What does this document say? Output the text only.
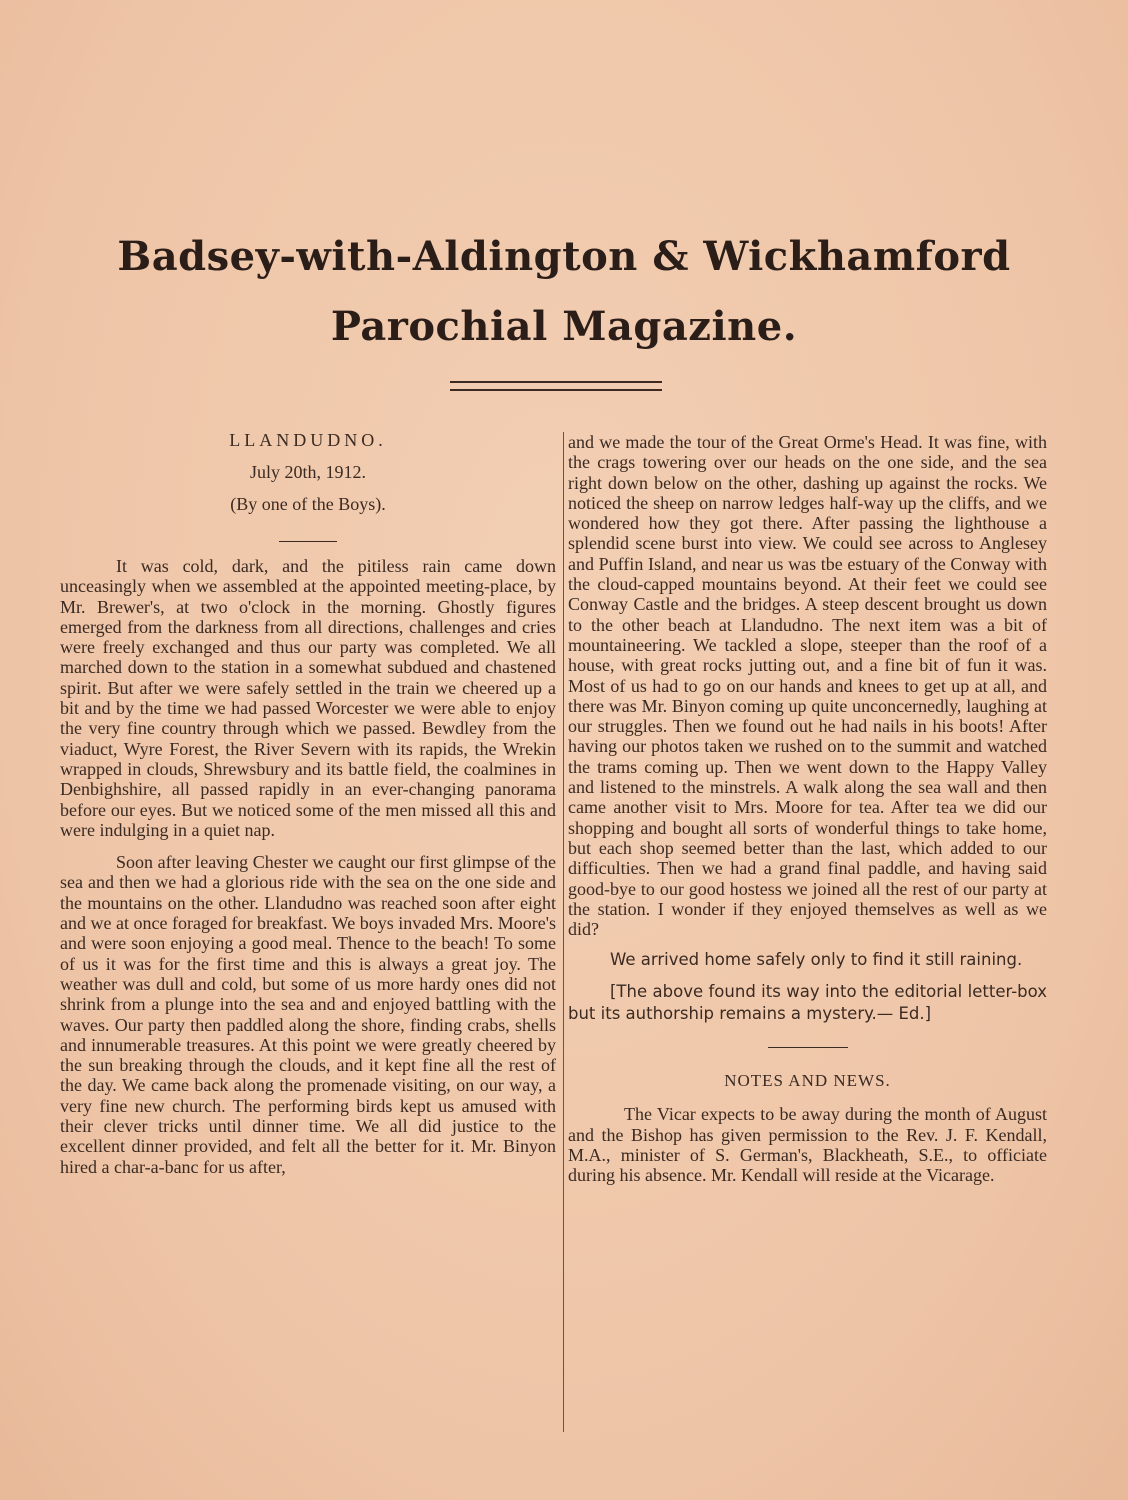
Badsey-with-Aldington & Wickhamford
Parochial Magazine.

LLANDUDNO.

July 20th, 1912.

(By one of the Boys).

It was cold, dark, and the pitiless rain came down unceasingly when we assembled at the appointed meeting-place, by Mr. Brewer's, at two o'clock in the morning. Ghostly figures emerged from the darkness from all directions, challenges and cries were freely exchanged and thus our party was completed. We all marched down to the station in a somewhat subdued and chastened spirit. But after we were safely settled in the train we cheered up a bit and by the time we had passed Worcester we were able to enjoy the very fine country through which we passed. Bewdley from the viaduct, Wyre Forest, the River Severn with its rapids, the Wrekin wrapped in clouds, Shrewsbury and its battle field, the coalmines in Denbighshire, all passed rapidly in an ever-changing panorama before our eyes. But we noticed some of the men missed all this and were indulging in a quiet nap.

Soon after leaving Chester we caught our first glimpse of the sea and then we had a glorious ride with the sea on the one side and the mountains on the other. Llandudno was reached soon after eight and we at once foraged for breakfast. We boys invaded Mrs. Moore's and were soon enjoying a good meal. Thence to the beach! To some of us it was for the first time and this is always a great joy. The weather was dull and cold, but some of us more hardy ones did not shrink from a plunge into the sea and and enjoyed battling with the waves. Our party then paddled along the shore, finding crabs, shells and innumerable treasures. At this point we were greatly cheered by the sun breaking through the clouds, and it kept fine all the rest of the day. We came back along the promenade visiting, on our way, a very fine new church. The performing birds kept us amused with their clever tricks until dinner time. We all did justice to the excellent dinner provided, and felt all the better for it. Mr. Binyon hired a char-a-banc for us after,

and we made the tour of the Great Orme's Head. It was fine, with the crags towering over our heads on the one side, and the sea right down below on the other, dashing up against the rocks. We noticed the sheep on narrow ledges half-way up the cliffs, and we wondered how they got there. After passing the lighthouse a splendid scene burst into view. We could see across to Anglesey and Puffin Island, and near us was tbe estuary of the Conway with the cloud-capped mountains beyond. At their feet we could see Conway Castle and the bridges. A steep descent brought us down to the other beach at Llandudno. The next item was a bit of mountaineering. We tackled a slope, steeper than the roof of a house, with great rocks jutting out, and a fine bit of fun it was. Most of us had to go on our hands and knees to get up at all, and there was Mr. Binyon coming up quite unconcernedly, laughing at our struggles. Then we found out he had nails in his boots! After having our photos taken we rushed on to the summit and watched the trams coming up. Then we went down to the Happy Valley and listened to the minstrels. A walk along the sea wall and then came another visit to Mrs. Moore for tea. After tea we did our shopping and bought all sorts of wonderful things to take home, but each shop seemed better than the last, which added to our difficulties. Then we had a grand final paddle, and having said good-bye to our good hostess we joined all the rest of our party at the station. I wonder if they enjoyed themselves as well as we did?

We arrived home safely only to find it still raining.

[The above found its way into the editorial letter-box but its authorship remains a mystery.— Ed.]

NOTES AND NEWS.

The Vicar expects to be away during the month of August and the Bishop has given permission to the Rev. J. F. Kendall, M.A., minister of S. German's, Blackheath, S.E., to officiate during his absence. Mr. Kendall will reside at the Vicarage.
